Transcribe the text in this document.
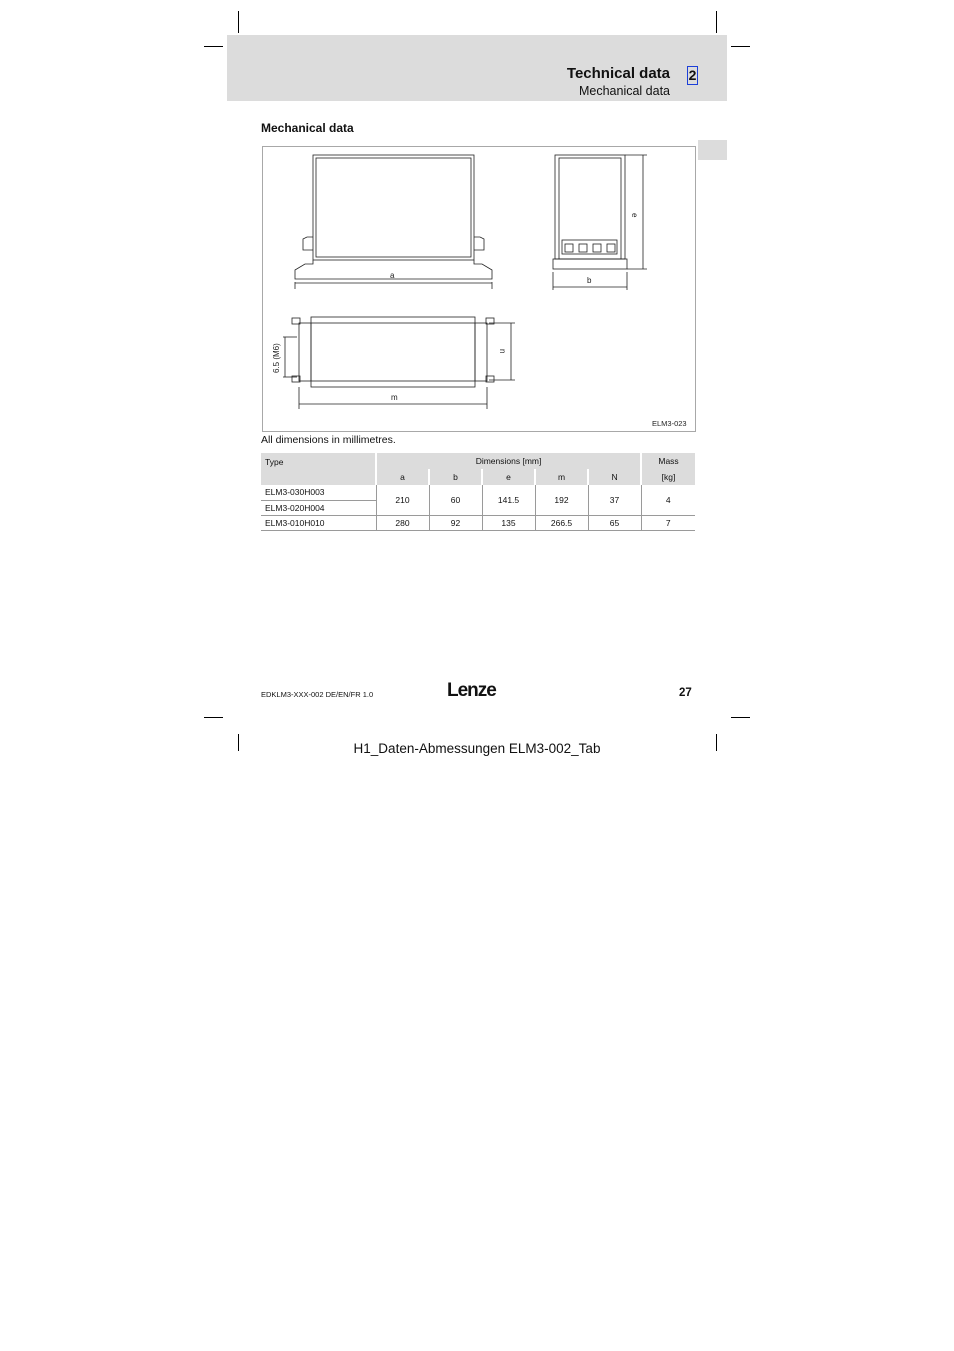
Technical data
Mechanical data
2
Mechanical data
a
b
e
m
n
6.5 (M6)
ELM3-023
All dimensions in millimetres.
Type	Dimensions [mm]					Mass
	a	b	e	m	N	[kg]
ELM3-030H003	210	60	141.5	192	37	4
ELM3-020H004						
ELM3-010H010	280	92	135	266.5	65	7
EDKLM3-XXX-002 DE/EN/FR 1.0	Lenze	27
H1_Daten-Abmessungen ELM3-002_Tab
